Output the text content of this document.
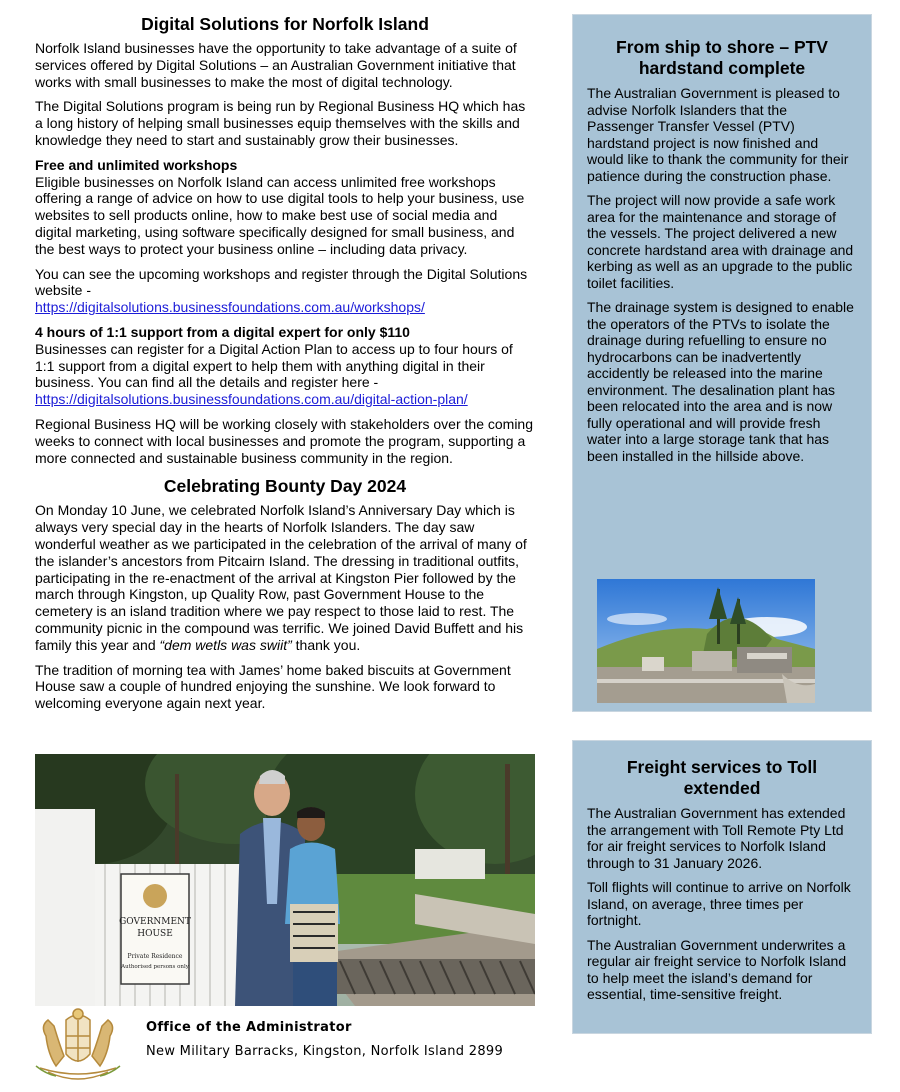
Digital Solutions for Norfolk Island

Norfolk Island businesses have the opportunity to take advantage of a suite of services offered by Digital Solutions – an Australian Government initiative that works with small businesses to make the most of digital technology.

The Digital Solutions program is being run by Regional Business HQ which has a long history of helping small businesses equip themselves with the skills and knowledge they need to start and sustainably grow their businesses.

Free and unlimited workshops
Eligible businesses on Norfolk Island can access unlimited free workshops offering a range of advice on how to use digital tools to help your business, use websites to sell products online, how to make best use of social media and digital marketing, using software specifically designed for small business, and the best ways to protect your business online – including data privacy.

You can see the upcoming workshops and register through the Digital Solutions website -
https://digitalsolutions.businessfoundations.com.au/workshops/

4 hours of 1:1 support from a digital expert for only $110
Businesses can register for a Digital Action Plan to access up to four hours of 1:1 support from a digital expert to help them with anything digital in their business. You can find all the details and register here -
https://digitalsolutions.businessfoundations.com.au/digital-action-plan/

Regional Business HQ will be working closely with stakeholders over the coming weeks to connect with local businesses and promote the program, supporting a more connected and sustainable business community in the region.

Celebrating Bounty Day 2024

On Monday 10 June, we celebrated Norfolk Island’s Anniversary Day which is always very special day in the hearts of Norfolk Islanders. The day saw wonderful weather as we participated in the celebration of the arrival of many of the islander’s ancestors from Pitcairn Island. The dressing in traditional outfits, participating in the re-enactment of the arrival at Kingston Pier followed by the march through Kingston, up Quality Row, past Government House to the cemetery is an island tradition where we pay respect to those laid to rest. The community picnic in the compound was terrific. We joined David Buffett and his family this year and “dem wetls was swiit” thank you.

The tradition of morning tea with James’ home baked biscuits at Government House saw a couple of hundred enjoying the sunshine. We look forward to welcoming everyone again next year.

GOVERNMENT
HOUSE
Private Residence
Authorised persons only
From ship to shore – PTV hardstand complete

The Australian Government is pleased to advise Norfolk Islanders that the Passenger Transfer Vessel (PTV) hardstand project is now finished and would like to thank the community for their patience during the construction phase.

The project will now provide a safe work area for the maintenance and storage of the vessels. The project delivered a new concrete hardstand area with drainage and kerbing as well as an upgrade to the public toilet facilities.

The drainage system is designed to enable the operators of the PTVs to isolate the drainage during refuelling to ensure no hydrocarbons can be inadvertently accidently be released into the marine environment. The desalination plant has been relocated into the area and is now fully operational and will provide fresh water into a large storage tank that has been installed in the hillside above.

Freight services to Toll extended

The Australian Government has extended the arrangement with Toll Remote Pty Ltd for air freight services to Norfolk Island through to 31 January 2026.

Toll flights will continue to arrive on Norfolk Island, on average, three times per fortnight.

The Australian Government underwrites a regular air freight service to Norfolk Island to help meet the island’s demand for essential, time-sensitive freight.

Office of the Administrator
New Military Barracks, Kingston, Norfolk Island 2899
